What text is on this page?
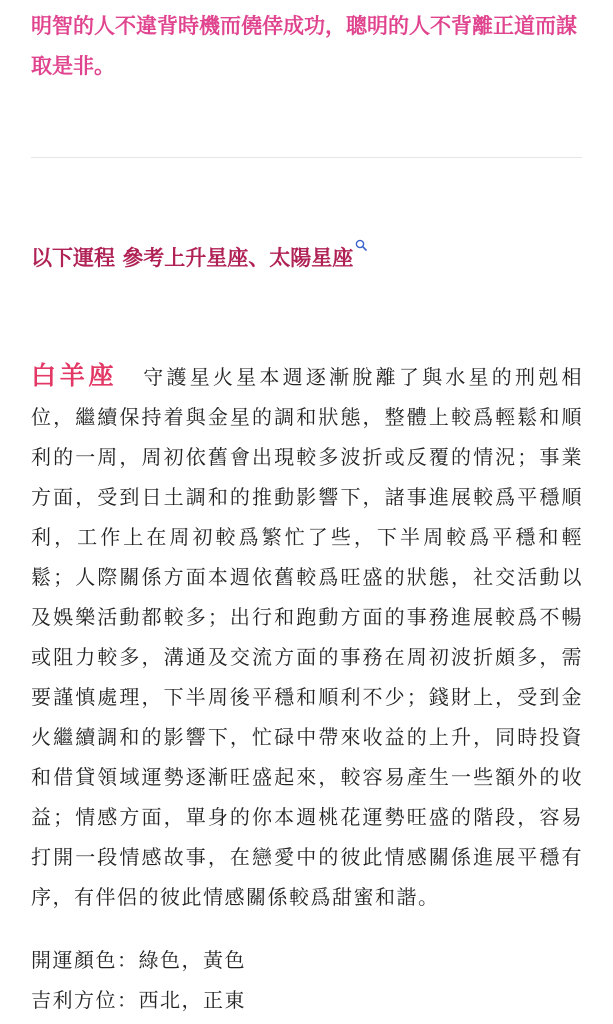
明智的人不違背時機而僥倖成功，聰明的人不背離正道而謀取是非。

以下運程 參考上升星座、太陽星座

白羊座 守護星火星本週逐漸脫離了與水星的刑剋相位，繼續保持着與金星的調和狀態，整體上較爲輕鬆和順利的一周，周初依舊會出現較多波折或反覆的情況；事業方面，受到日土調和的推動影響下，諸事進展較爲平穩順利，工作上在周初較爲繁忙了些，下半周較爲平穩和輕鬆；人際關係方面本週依舊較爲旺盛的狀態，社交活動以及娛樂活動都較多；出行和跑動方面的事務進展較爲不暢或阻力較多，溝通及交流方面的事務在周初波折頗多，需要謹慎處理，下半周後平穩和順利不少；錢財上，受到金火繼續調和的影響下，忙碌中帶來收益的上升，同時投資和借貸領域運勢逐漸旺盛起來，較容易產生一些額外的收益；情感方面，單身的你本週桃花運勢旺盛的階段，容易打開一段情感故事，在戀愛中的彼此情感關係進展平穩有序，有伴侶的彼此情感關係較爲甜蜜和諧。

開運顏色：綠色，黃色

吉利方位：西北，正東
